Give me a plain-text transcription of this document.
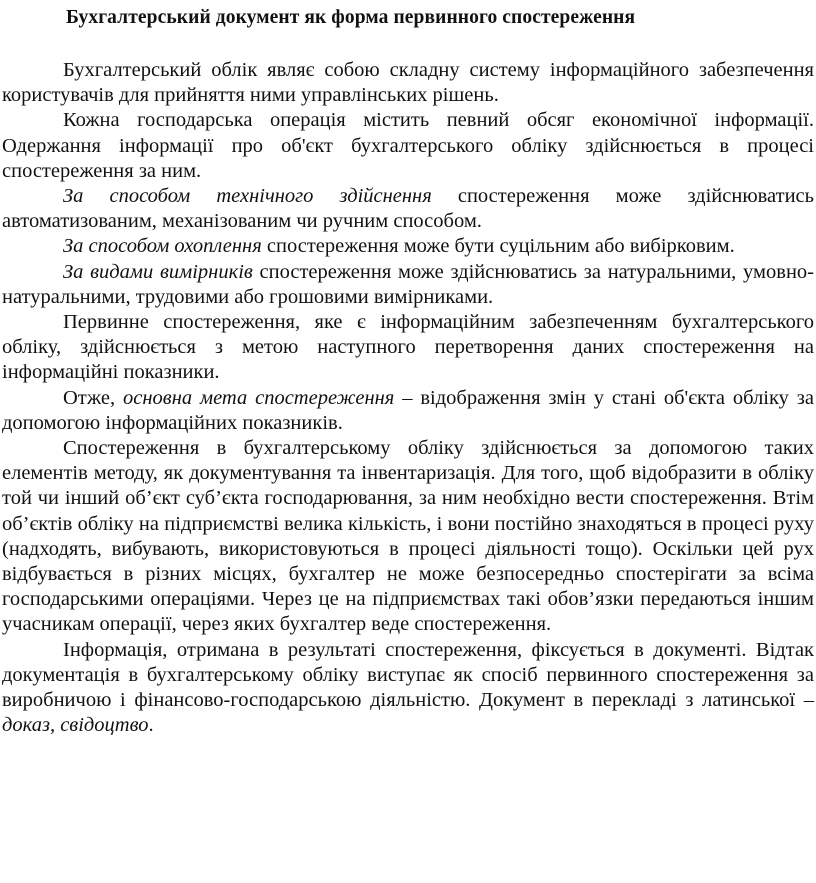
Бухгалтерський документ як форма первинного спостереження

Бухгалтерський облік являє собою складну систему інформаційного забезпечення користувачів для прийняття ними управлінських рішень.

Кожна господарська операція містить певний обсяг економічної інформації. Одержання інформації про об'єкт бухгалтерського обліку здійснюється в процесі спостереження за ним.

За способом технічного здійснення спостереження може здійснюватись автоматизованим, механізованим чи ручним способом.

За способом охоплення спостереження може бути суцільним або вибірковим.

За видами вимірників спостереження може здійснюватись за натуральними, умовно-натуральними, трудовими або грошовими вимірниками.

Первинне спостереження, яке є інформаційним забезпеченням бухгалтерського обліку, здійснюється з метою наступного перетворення даних спостереження на інформаційні показники.

Отже, основна мета спостереження – відображення змін у стані об'єкта обліку за допомогою інформаційних показників.

Спостереження в бухгалтерському обліку здійснюється за допомогою таких елементів методу, як документування та інвентаризація. Для того, щоб відобразити в обліку той чи інший об’єкт суб’єкта господарювання, за ним необхідно вести спостереження. Втім об’єктів обліку на підприємстві велика кількість, і вони постійно знаходяться в процесі руху (надходять, вибувають, використовуються в процесі діяльності тощо). Оскільки цей рух відбувається в різних місцях, бухгалтер не може безпосередньо спостерігати за всіма господарськими операціями. Через це на підприємствах такі обов’язки передаються іншим учасникам операції, через яких бухгалтер веде спостереження.

Інформація, отримана в результаті спостереження, фіксується в документі. Відтак документація в бухгалтерському обліку виступає як спосіб первинного спостереження за виробничою і фінансово-господарською діяльністю. Документ в перекладі з латинської – доказ, свідоцтво.
